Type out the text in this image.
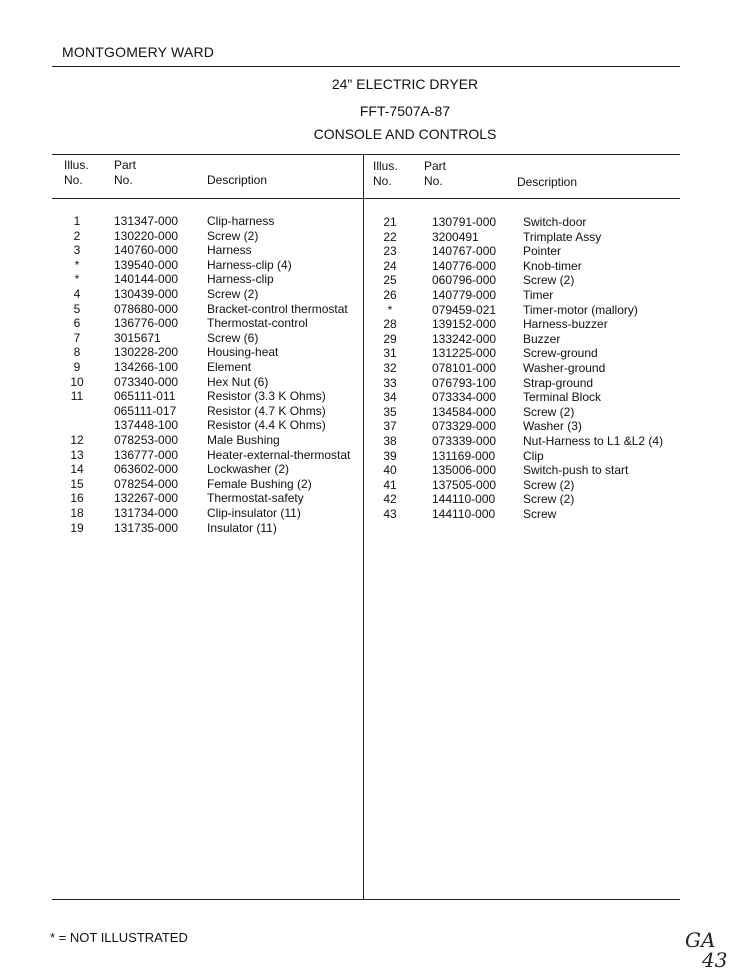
MONTGOMERY WARD
24" ELECTRIC DRYER
FFT-7507A-87
CONSOLE AND CONTROLS
Illus.
No.
Part
No.	Description
Illus.
No.
Part
No.	Description
1	131347-000 Clip-harness
2	130220-000 Screw (2)
3	140760-000 Harness
*	139540-000 Harness-clip (4)
*	140144-000 Harness-clip
4	130439-000 Screw (2)
5	078680-000 Bracket-control thermostat
6	136776-000 Thermostat-control
7	3015671	Screw (6)
8	130228-200 Housing-heat
9	134266-100 Element
10	073340-000 Hex Nut (6)
11	065111-011	Resistor (3.3 K Ohms)
065111-017	Resistor (4.7 K Ohms)
137448-100 Resistor (4.4 K Ohms)
12	078253-000 Male Bushing
13	136777-000 Heater-external-thermostat
14	063602-000 Lockwasher (2)
15	078254-000 Female Bushing (2)
16	132267-000 Thermostat-safety
18	131734-000 Clip-insulator (11)
19	131735-000 Insulator (11)
21	130791-000 Switch-door
22	3200491	Trimplate Assy
23	140767-000 Pointer
24	140776-000 Knob-timer
25	060796-000 Screw (2)
26	140779-000 Timer
*	079459-021 Timer-motor (mallory)
28	139152-000 Harness-buzzer
29	133242-000 Buzzer
31	131225-000 Screw-ground
32	078101-000 Washer-ground
33	076793-100 Strap-ground
34	073334-000 Terminal Block
35	134584-000 Screw (2)
37	073329-000 Washer (3)
38	073339-000 Nut-Harness to L1 &L2 (4)
39	131169-000 Clip
40	135006-000 Switch-push to start
41	137505-000 Screw (2)
42	144110-000 Screw (2)
43	144110-000 Screw
* = NOT ILLUSTRATED	GA
43
